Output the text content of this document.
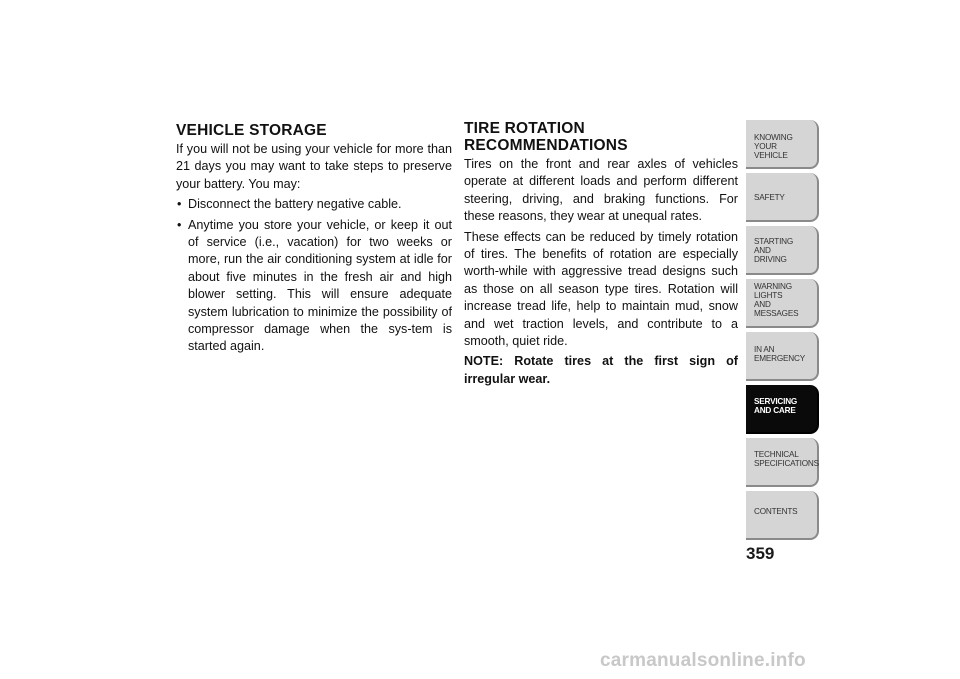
VEHICLE STORAGE

If you will not be using your vehicle for more than 21 days you may want to take steps to preserve your battery. You may:

• Disconnect the battery negative cable.
• Anytime you store your vehicle, or keep it out of service (i.e., vacation) for two weeks or more, run the air conditioning system at idle for about five minutes in the fresh air and high blower setting. This will ensure adequate system lubrication to minimize the possibility of compressor damage when the sys-tem is started again.
TIRE ROTATION
RECOMMENDATIONS

Tires on the front and rear axles of vehicles operate at different loads and perform different steering, driving, and braking functions. For these reasons, they wear at unequal rates.

These effects can be reduced by timely rotation of tires. The benefits of rotation are especially worth-while with aggressive tread designs such as those on all season type tires. Rotation will increase tread life, help to maintain mud, snow and wet traction levels, and contribute to a smooth, quiet ride.

NOTE: Rotate tires at the first sign of irregular wear.

KNOWING
YOUR
VEHICLE
SAFETY
STARTING
AND
DRIVING
WARNING
LIGHTS
AND
MESSAGES
IN AN
EMERGENCY
SERVICING
AND CARE
TECHNICAL
SPECIFICATIONS
CONTENTS
359
carmanualsonline.info
